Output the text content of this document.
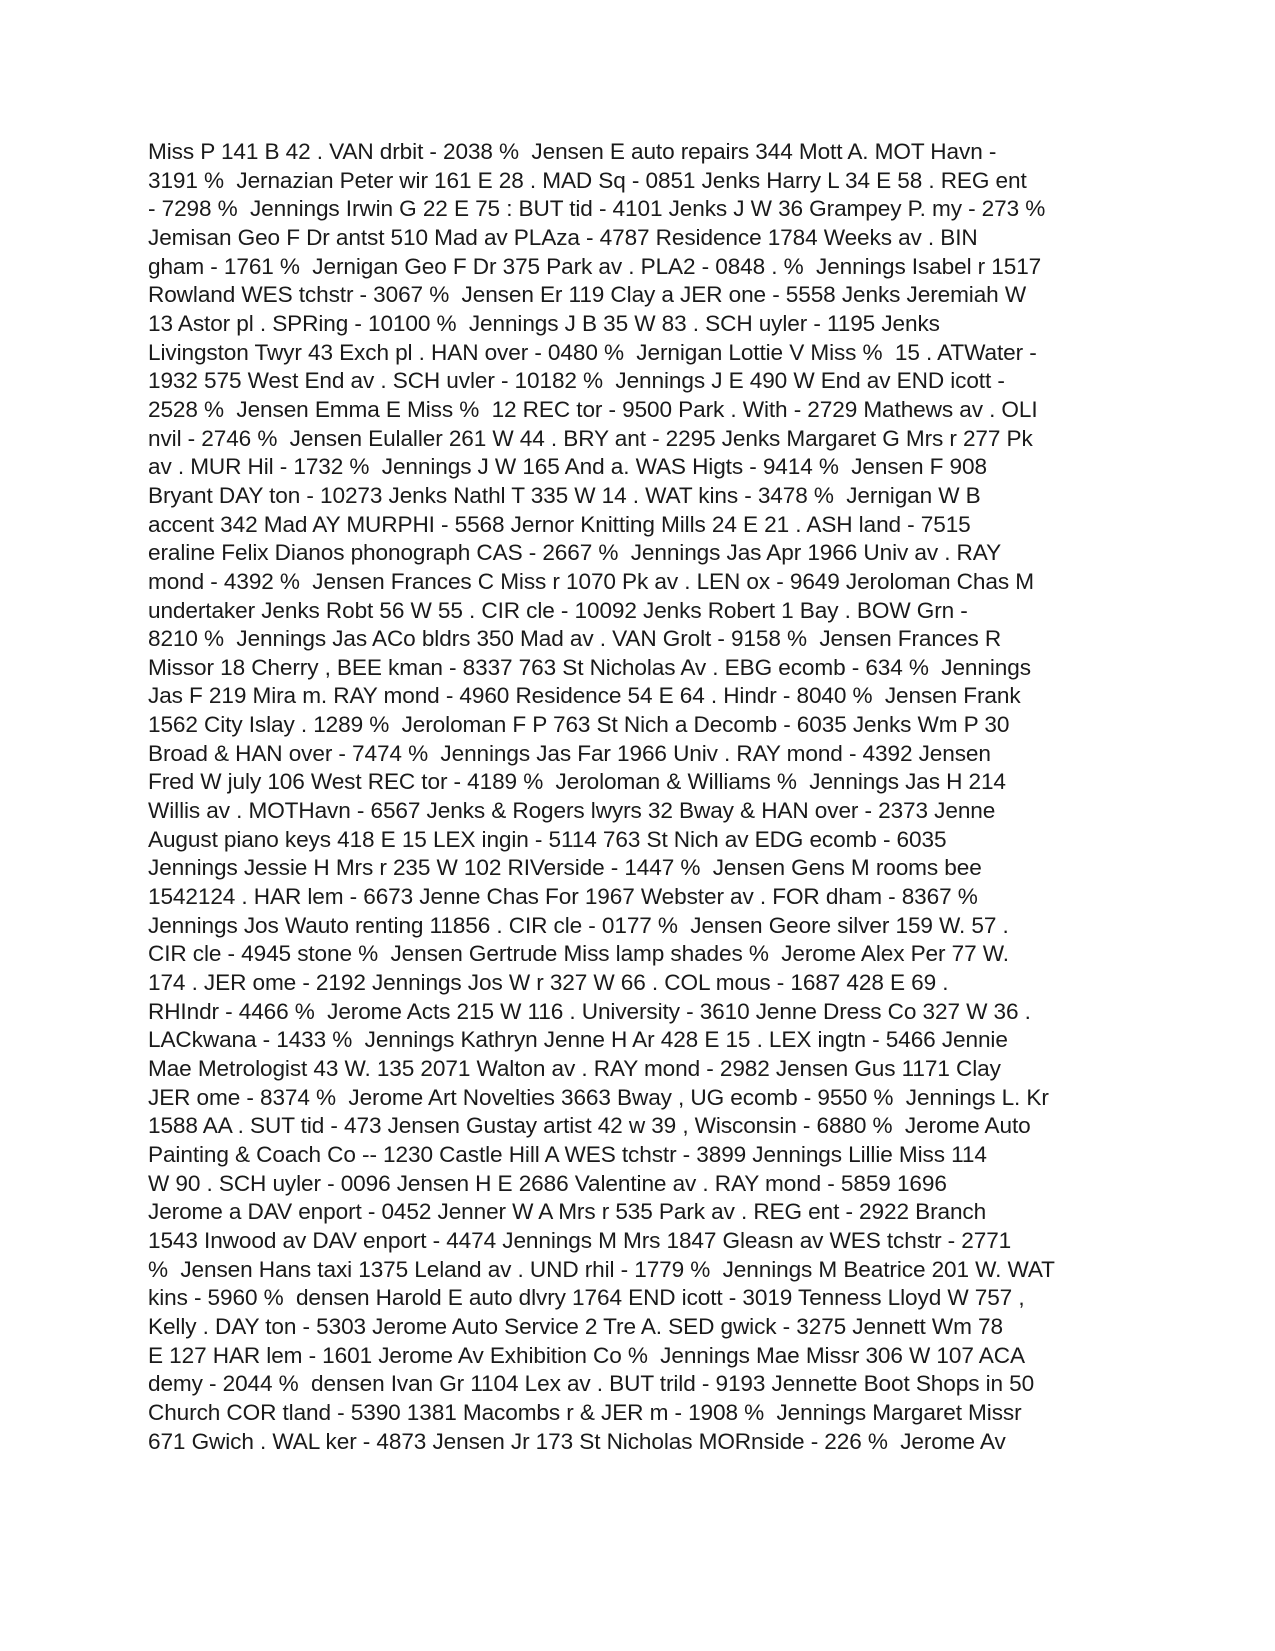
Miss P 141 B 42 . VAN drbit - 2038 %  Jensen E auto repairs 344 Mott A. MOT Havn -
3191 %  Jernazian Peter wir 161 E 28 . MAD Sq - 0851 Jenks Harry L 34 E 58 . REG ent
- 7298 %  Jennings Irwin G 22 E 75 : BUT tid - 4101 Jenks J W 36 Grampey P. my - 273 %
Jemisan Geo F Dr antst 510 Mad av PLAza - 4787 Residence 1784 Weeks av . BIN
gham - 1761 %  Jernigan Geo F Dr 375 Park av . PLA2 - 0848 . %  Jennings Isabel r 1517
Rowland WES tchstr - 3067 %  Jensen Er 119 Clay a JER one - 5558 Jenks Jeremiah W
13 Astor pl . SPRing - 10100 %  Jennings J B 35 W 83 . SCH uyler - 1195 Jenks
Livingston Twyr 43 Exch pl . HAN over - 0480 %  Jernigan Lottie V Miss %  15 . ATWater -
1932 575 West End av . SCH uvler - 10182 %  Jennings J E 490 W End av END icott -
2528 %  Jensen Emma E Miss %  12 REC tor - 9500 Park . With - 2729 Mathews av . OLI
nvil - 2746 %  Jensen Eulaller 261 W 44 . BRY ant - 2295 Jenks Margaret G Mrs r 277 Pk
av . MUR Hil - 1732 %  Jennings J W 165 And a. WAS Higts - 9414 %  Jensen F 908
Bryant DAY ton - 10273 Jenks Nathl T 335 W 14 . WAT kins - 3478 %  Jernigan W B
accent 342 Mad AY MURPHI - 5568 Jernor Knitting Mills 24 E 21 . ASH land - 7515
eraline Felix Dianos phonograph CAS - 2667 %  Jennings Jas Apr 1966 Univ av . RAY
mond - 4392 %  Jensen Frances C Miss r 1070 Pk av . LEN ox - 9649 Jeroloman Chas M
undertaker Jenks Robt 56 W 55 . CIR cle - 10092 Jenks Robert 1 Bay . BOW Grn -
8210 %  Jennings Jas ACo bldrs 350 Mad av . VAN Grolt - 9158 %  Jensen Frances R
Missor 18 Cherry , BEE kman - 8337 763 St Nicholas Av . EBG ecomb - 634 %  Jennings
Jas F 219 Mira m. RAY mond - 4960 Residence 54 E 64 . Hindr - 8040 %  Jensen Frank
1562 City Islay . 1289 %  Jeroloman F P 763 St Nich a Decomb - 6035 Jenks Wm P 30
Broad & HAN over - 7474 %  Jennings Jas Far 1966 Univ . RAY mond - 4392 Jensen
Fred W july 106 West REC tor - 4189 %  Jeroloman & Williams %  Jennings Jas H 214
Willis av . MOTHavn - 6567 Jenks & Rogers lwyrs 32 Bway & HAN over - 2373 Jenne
August piano keys 418 E 15 LEX ingin - 5114 763 St Nich av EDG ecomb - 6035
Jennings Jessie H Mrs r 235 W 102 RIVerside - 1447 %  Jensen Gens M rooms bee
1542124 . HAR lem - 6673 Jenne Chas For 1967 Webster av . FOR dham - 8367 %
Jennings Jos Wauto renting 11856 . CIR cle - 0177 %  Jensen Geore silver 159 W. 57 .
CIR cle - 4945 stone %  Jensen Gertrude Miss lamp shades %  Jerome Alex Per 77 W.
174 . JER ome - 2192 Jennings Jos W r 327 W 66 . COL mous - 1687 428 E 69 .
RHIndr - 4466 %  Jerome Acts 215 W 116 . University - 3610 Jenne Dress Co 327 W 36 .
LACkwana - 1433 %  Jennings Kathryn Jenne H Ar 428 E 15 . LEX ingtn - 5466 Jennie
Mae Metrologist 43 W. 135 2071 Walton av . RAY mond - 2982 Jensen Gus 1171 Clay
JER ome - 8374 %  Jerome Art Novelties 3663 Bway , UG ecomb - 9550 %  Jennings L. Kr
1588 AA . SUT tid - 473 Jensen Gustay artist 42 w 39 , Wisconsin - 6880 %  Jerome Auto
Painting & Coach Co -- 1230 Castle Hill A WES tchstr - 3899 Jennings Lillie Miss 114
W 90 . SCH uyler - 0096 Jensen H E 2686 Valentine av . RAY mond - 5859 1696
Jerome a DAV enport - 0452 Jenner W A Mrs r 535 Park av . REG ent - 2922 Branch
1543 Inwood av DAV enport - 4474 Jennings M Mrs 1847 Gleasn av WES tchstr - 2771
%  Jensen Hans taxi 1375 Leland av . UND rhil - 1779 %  Jennings M Beatrice 201 W. WAT
kins - 5960 %  densen Harold E auto dlvry 1764 END icott - 3019 Tenness Lloyd W 757 ,
Kelly . DAY ton - 5303 Jerome Auto Service 2 Tre A. SED gwick - 3275 Jennett Wm 78
E 127 HAR lem - 1601 Jerome Av Exhibition Co %  Jennings Mae Missr 306 W 107 ACA
demy - 2044 %  densen Ivan Gr 1104 Lex av . BUT trild - 9193 Jennette Boot Shops in 50
Church COR tland - 5390 1381 Macombs r & JER m - 1908 %  Jennings Margaret Missr
671 Gwich . WAL ker - 4873 Jensen Jr 173 St Nicholas MORnside - 226 %  Jerome Av
